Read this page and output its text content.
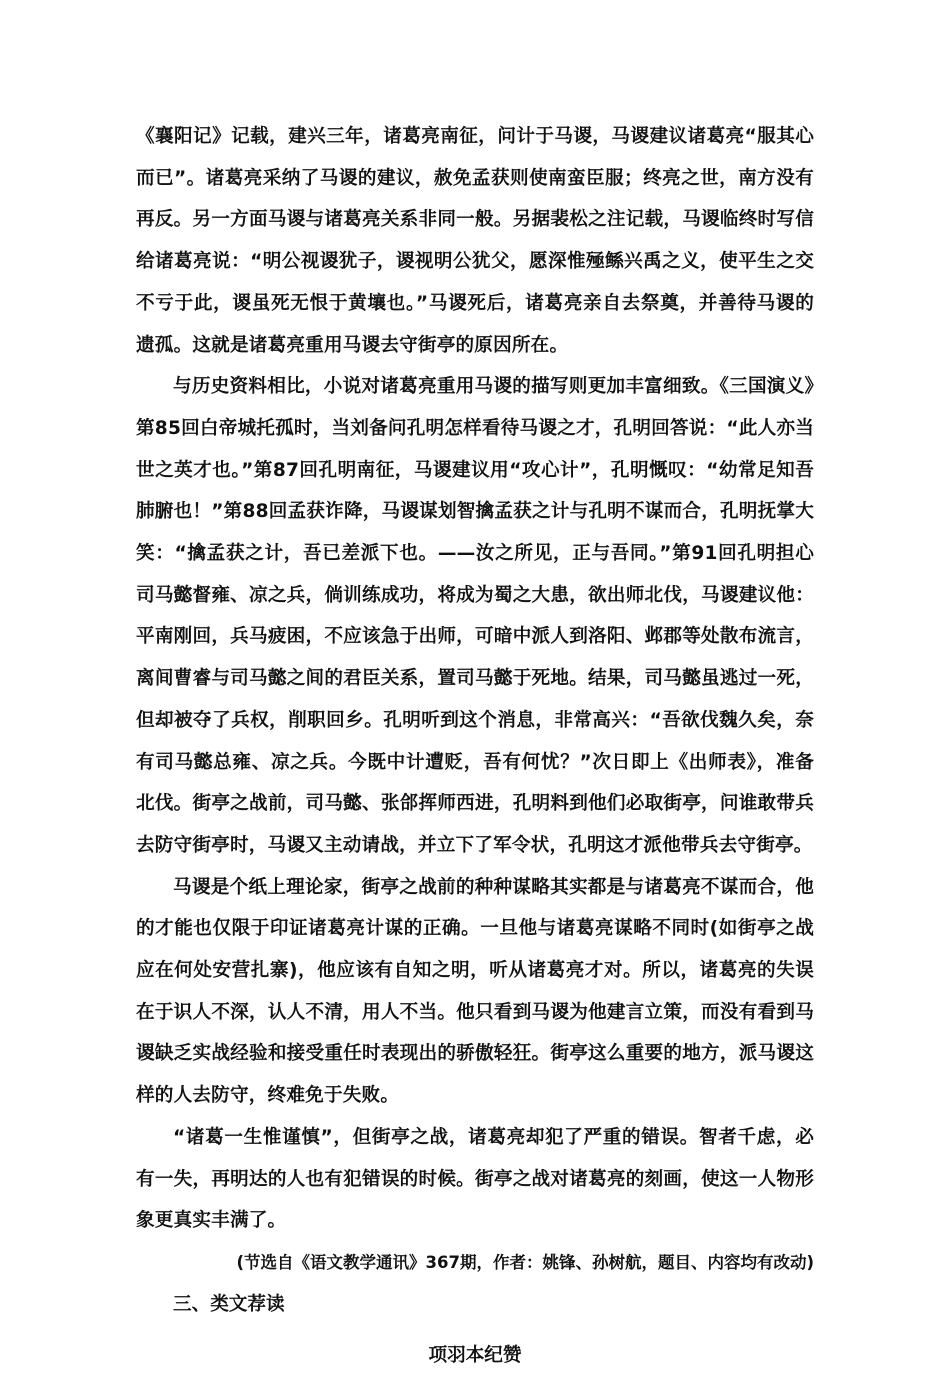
《襄阳记》记载，建兴三年，诸葛亮南征，问计于马谡，马谡建议诸葛亮“服其心而已”。诸葛亮采纳了马谡的建议，赦免孟获则使南蛮臣服；终亮之世，南方没有再反。另一方面马谡与诸葛亮关系非同一般。另据裴松之注记载，马谡临终时写信给诸葛亮说：“明公视谡犹子，谡视明公犹父，愿深惟殛鲧兴禹之义，使平生之交不亏于此，谡虽死无恨于黄壤也。”马谡死后，诸葛亮亲自去祭奠，并善待马谡的遗孤。这就是诸葛亮重用马谡去守街亭的原因所在。

与历史资料相比，小说对诸葛亮重用马谡的描写则更加丰富细致。《三国演义》第85回白帝城托孤时，当刘备问孔明怎样看待马谡之才，孔明回答说：“此人亦当世之英才也。”第87回孔明南征，马谡建议用“攻心计”，孔明慨叹：“幼常足知吾肺腑也！”第88回孟获诈降，马谡谋划智擒孟获之计与孔明不谋而合，孔明抚掌大笑：“擒孟获之计，吾已差派下也。——汝之所见，正与吾同。”第91回孔明担心司马懿督雍、凉之兵，倘训练成功，将成为蜀之大患，欲出师北伐，马谡建议他：平南刚回，兵马疲困，不应该急于出师，可暗中派人到洛阳、邺郡等处散布流言，离间曹睿与司马懿之间的君臣关系，置司马懿于死地。结果，司马懿虽逃过一死，但却被夺了兵权，削职回乡。孔明听到这个消息，非常高兴：“吾欲伐魏久矣，奈有司马懿总雍、凉之兵。今既中计遭贬，吾有何忧？”次日即上《出师表》，准备北伐。街亭之战前，司马懿、张郃挥师西进，孔明料到他们必取街亭，问谁敢带兵去防守街亭时，马谡又主动请战，并立下了军令状，孔明这才派他带兵去守街亭。

马谡是个纸上理论家，街亭之战前的种种谋略其实都是与诸葛亮不谋而合，他的才能也仅限于印证诸葛亮计谋的正确。一旦他与诸葛亮谋略不同时(如街亭之战应在何处安营扎寨)，他应该有自知之明，听从诸葛亮才对。所以，诸葛亮的失误在于识人不深，认人不清，用人不当。他只看到马谡为他建言立策，而没有看到马谡缺乏实战经验和接受重任时表现出的骄傲轻狂。街亭这么重要的地方，派马谡这样的人去防守，终难免于失败。

“诸葛一生惟谨慎”，但街亭之战，诸葛亮却犯了严重的错误。智者千虑，必有一失，再明达的人也有犯错误的时候。街亭之战对诸葛亮的刻画，使这一人物形象更真实丰满了。

(节选自《语文教学通讯》367期，作者：姚锋、孙树航，题目、内容均有改动)

三、类文荐读

项羽本纪赞
